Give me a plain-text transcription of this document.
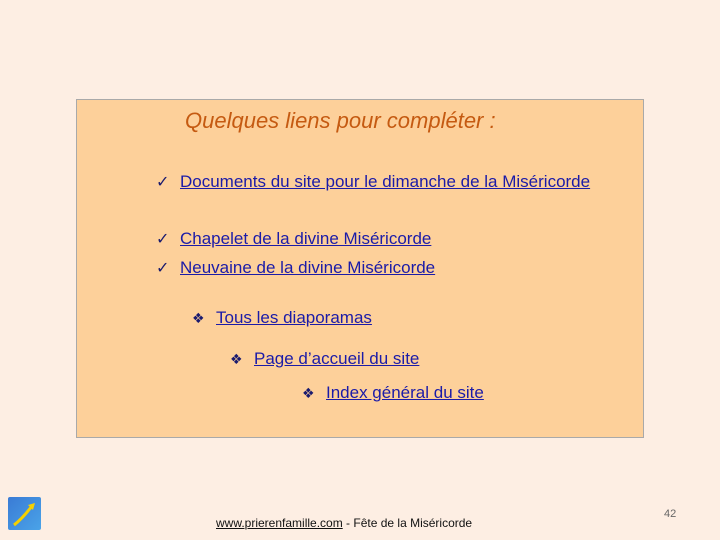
Quelques liens pour compléter :
✓ Documents du site pour le dimanche de la Miséricorde
✓ Chapelet de la divine Miséricorde
✓ Neuvaine de la divine Miséricorde
❖ Tous les diaporamas
❖ Page d’accueil du site
❖ Index général du site
www.prierenfamille.com - Fête de la Miséricorde
42
